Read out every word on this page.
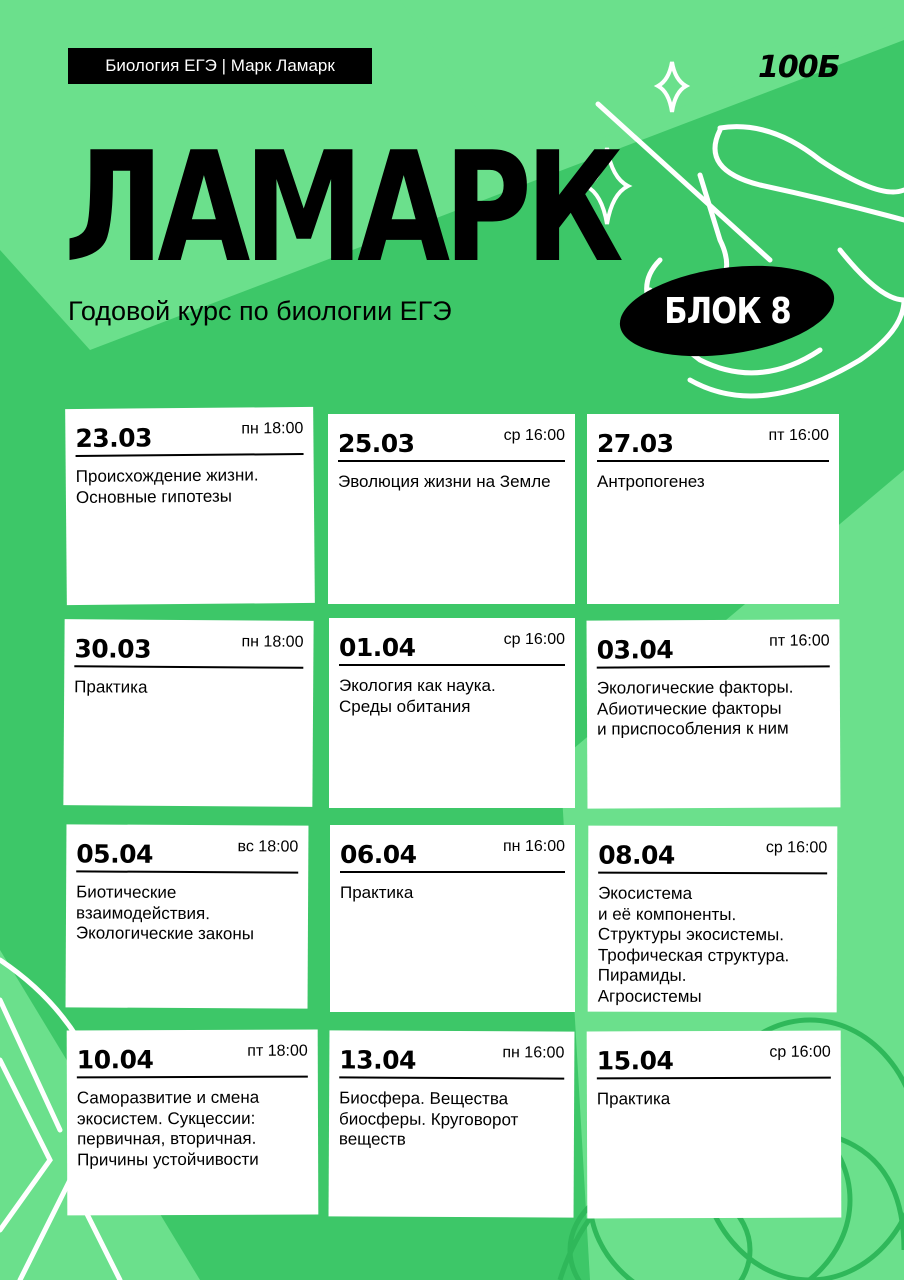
Биология ЕГЭ | Марк Ламарк	100Б
ЛАМАРК
Годовой курс по биологии ЕГЭ	БЛОК 8
23.03	пн 18:00
Происхождение жизни.
Основные гипотезы
25.03	ср 16:00
Эволюция жизни на Земле
27.03	пт 16:00
Антропогенез
30.03	пн 18:00
Практика
01.04	ср 16:00
Экология как наука.
Среды обитания
03.04	пт 16:00
Экологические факторы.
Абиотические факторы
и приспособления к ним
05.04	вс 18:00
Биотические
взаимодействия.
Экологические законы
06.04	пн 16:00
Практика
08.04	ср 16:00
Экосистема
и её компоненты.
Структуры экосистемы.
Трофическая структура.
Пирамиды.
Агросистемы
10.04	пт 18:00
Саморазвитие и смена
экосистем. Сукцессии:
первичная, вторичная.
Причины устойчивости
13.04	пн 16:00
Биосфера. Вещества
биосферы. Круговорот
веществ
15.04	ср 16:00
Практика
